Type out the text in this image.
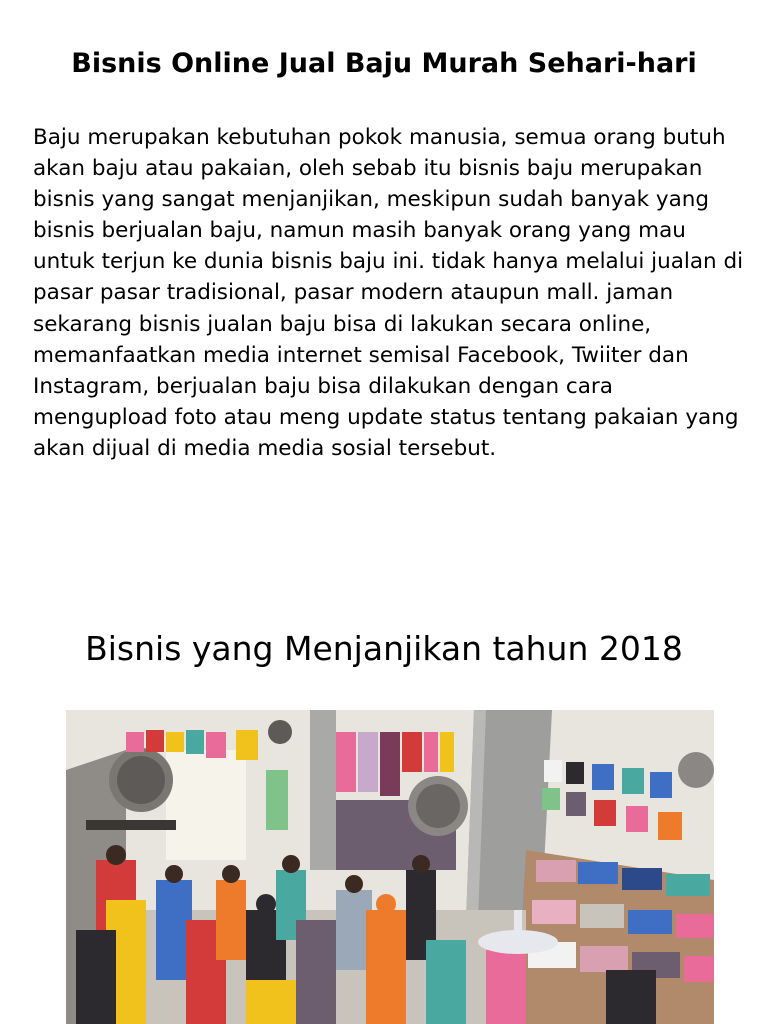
Bisnis Online Jual Baju Murah Sehari-hari

Baju merupakan kebutuhan pokok manusia, semua orang butuh akan baju atau pakaian, oleh sebab itu bisnis baju merupakan bisnis yang sangat menjanjikan, meskipun sudah banyak yang bisnis berjualan baju, namun masih banyak orang yang mau untuk terjun ke dunia bisnis baju ini. tidak hanya melalui jualan di pasar pasar tradisional, pasar modern ataupun mall. jaman sekarang bisnis jualan baju bisa di lakukan secara online, memanfaatkan media internet semisal Facebook, Twiiter dan Instagram, berjualan baju bisa dilakukan dengan cara mengupload foto atau meng update status tentang pakaian yang akan dijual di media media sosial tersebut.

Bisnis yang Menjanjikan tahun 2018
